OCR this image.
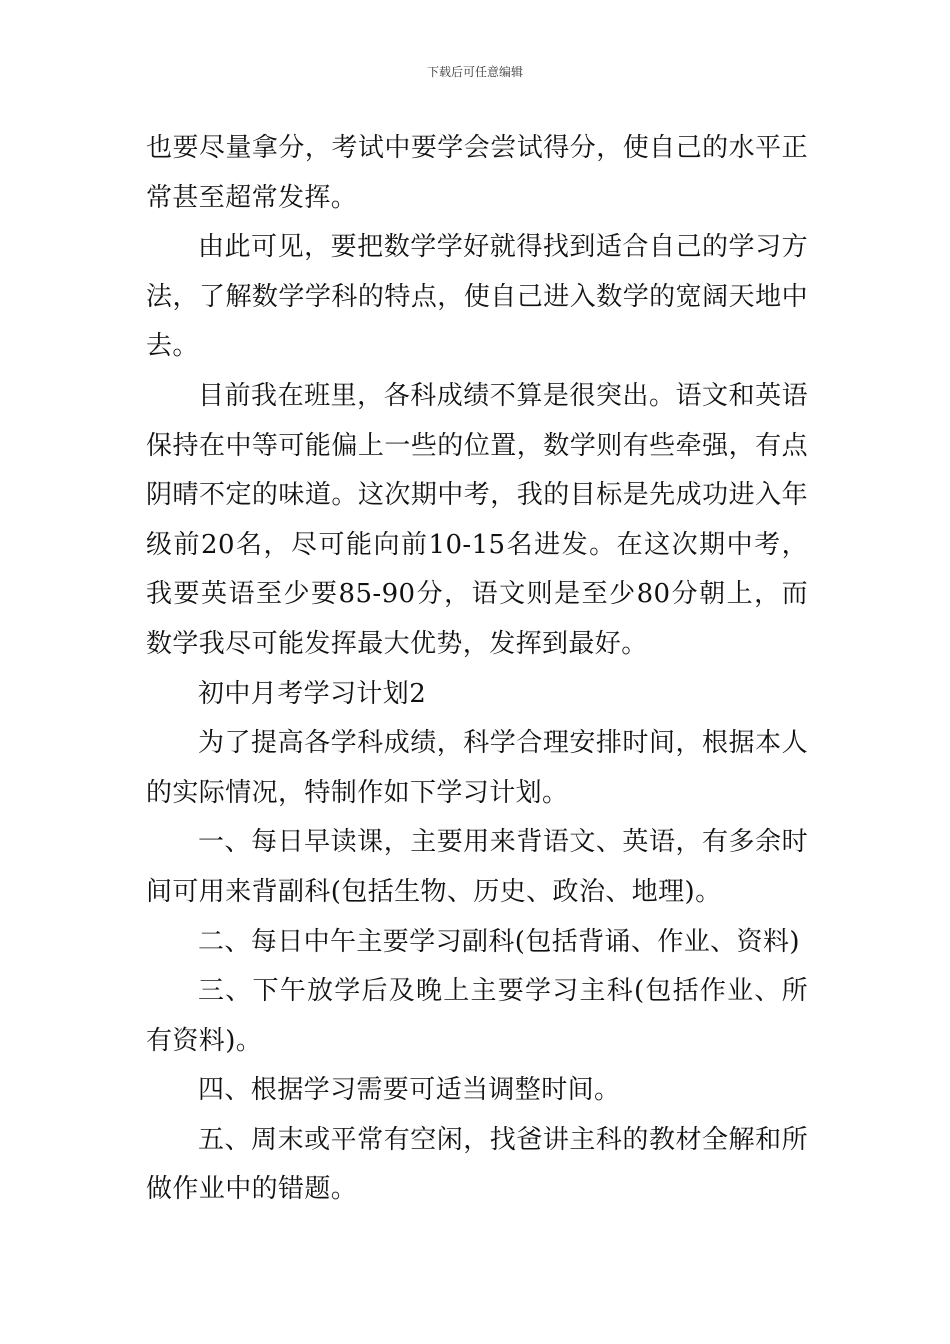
下载后可任意编辑

也要尽量拿分，考试中要学会尝试得分，使自己的水平正常甚至超常发挥。

由此可见，要把数学学好就得找到适合自己的学习方法，了解数学学科的特点，使自己进入数学的宽阔天地中去。

目前我在班里，各科成绩不算是很突出。语文和英语保持在中等可能偏上一些的位置，数学则有些牵强，有点阴晴不定的味道。这次期中考，我的目标是先成功进入年级前20名，尽可能向前10-15名进发。在这次期中考，我要英语至少要85-90分，语文则是至少80分朝上，而数学我尽可能发挥最大优势，发挥到最好。

初中月考学习计划2

为了提高各学科成绩，科学合理安排时间，根据本人的实际情况，特制作如下学习计划。

一、每日早读课，主要用来背语文、英语，有多余时间可用来背副科(包括生物、历史、政治、地理)。

二、每日中午主要学习副科(包括背诵、作业、资料)

三、下午放学后及晚上主要学习主科(包括作业、所有资料)。

四、根据学习需要可适当调整时间。

五、周末或平常有空闲，找爸讲主科的教材全解和所做作业中的错题。
